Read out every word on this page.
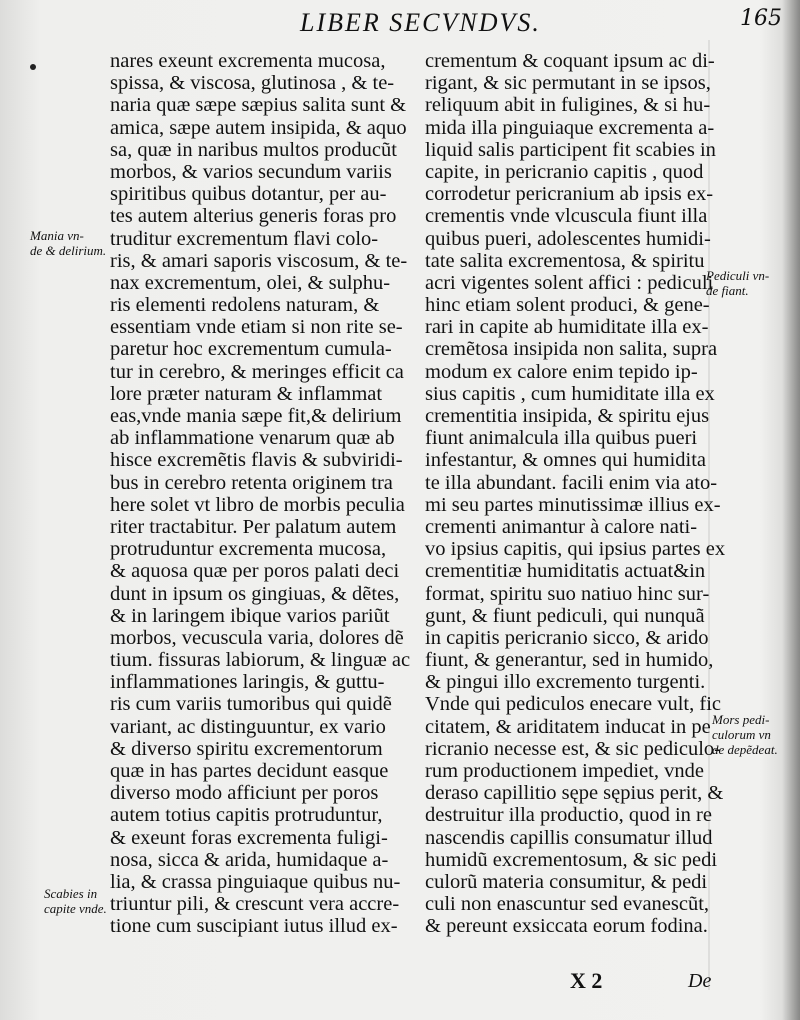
LIBER SECVNDVS.	165
nares exeunt excrementa mucosa,
spissa, & viscosa, glutinosa , & te-
naria quæ sæpe sæpius salita sunt &
amica, sæpe autem insipida, & aquo
sa, quæ in naribus multos producũt
morbos, & varios secundum variis
spiritibus quibus dotantur, per au-
tes autem alterius generis foras pro
truditur excrementum flavi colo-
ris, & amari saporis viscosum, & te-
nax excrementum, olei, & sulphu-
ris elementi redolens naturam, &
essentiam vnde etiam si non rite se-
paretur hoc excrementum cumula-
tur in cerebro, & meringes efficit ca
lore præter naturam & inflammat
eas,vnde mania sæpe fit,& delirium
ab inflammatione venarum quæ ab
hisce excremẽtis flavis & subviridi-
bus in cerebro retenta originem tra
here solet vt libro de morbis peculia
riter tractabitur. Per palatum autem
protruduntur excrementa mucosa,
& aquosa quæ per poros palati deci
dunt in ipsum os gingiuas, & dẽtes,
& in laringem ibique varios pariũt
morbos, vecuscula varia, dolores dẽ
tium. fissuras labiorum, & linguæ ac
inflammationes laringis, & guttu-
ris cum variis tumoribus qui quidẽ
variant, ac distinguuntur, ex vario
& diverso spiritu excrementorum
quæ in has partes decidunt easque
diverso modo afficiunt per poros
autem totius capitis protruduntur,
& exeunt foras excrementa fuligi-
nosa, sicca & arida, humidaque a-
lia, & crassa pinguiaque quibus nu-
triuntur pili, & crescunt vera accre-
tione cum suscipiant iutus illud ex-
crementum & coquant ipsum ac di-
rigant, & sic permutant in se ipsos,
reliquum abit in fuligines, & si hu-
mida illa pinguiaque excrementa a-
liquid salis participent fit scabies in
capite, in pericranio capitis , quod
corrodetur pericranium ab ipsis ex-
crementis vnde vlcuscula fiunt illa
quibus pueri, adolescentes humidi-
tate salita excrementosa, & spiritu
acri vigentes solent affici : pediculi
hinc etiam solent produci, & gene-
rari in capite ab humiditate illa ex-
cremẽtosa insipida non salita, supra
modum ex calore enim tepido ip-
sius capitis , cum humiditate illa ex
crementitia insipida, & spiritu ejus
fiunt animalcula illa quibus pueri
infestantur, & omnes qui humidita
te illa abundant. facili enim via ato-
mi seu partes minutissimæ illius ex-
crementi animantur à calore nati-
vo ipsius capitis, qui ipsius partes ex
crementitiæ humiditatis actuat&in
format, spiritu suo natiuo hinc sur-
gunt, & fiunt pediculi, qui nunquã
in capitis pericranio sicco, & arido
fiunt, & generantur, sed in humido,
& pingui illo excremento turgenti.
Vnde qui pediculos enecare vult, fic
citatem, & ariditatem inducat in pe
ricranio necesse est, & sic pediculo-
rum productionem impediet, vnde
deraso capillitio sępe sępius perit, &
destruitur illa productio, quod in re
nascendis capillis consumatur illud
humidũ excrementosum, & sic pedi
culorũ materia consumitur, & pedi
culi non enascuntur sed evanescũt,
& pereunt exsiccata eorum fodina.
Mania vn-
de & delirium.
Pediculi vn-
de fiant.
Mors pedi-
culorum vn
de depẽdeat.
Scabies in
capite vnde.
X 2	De
